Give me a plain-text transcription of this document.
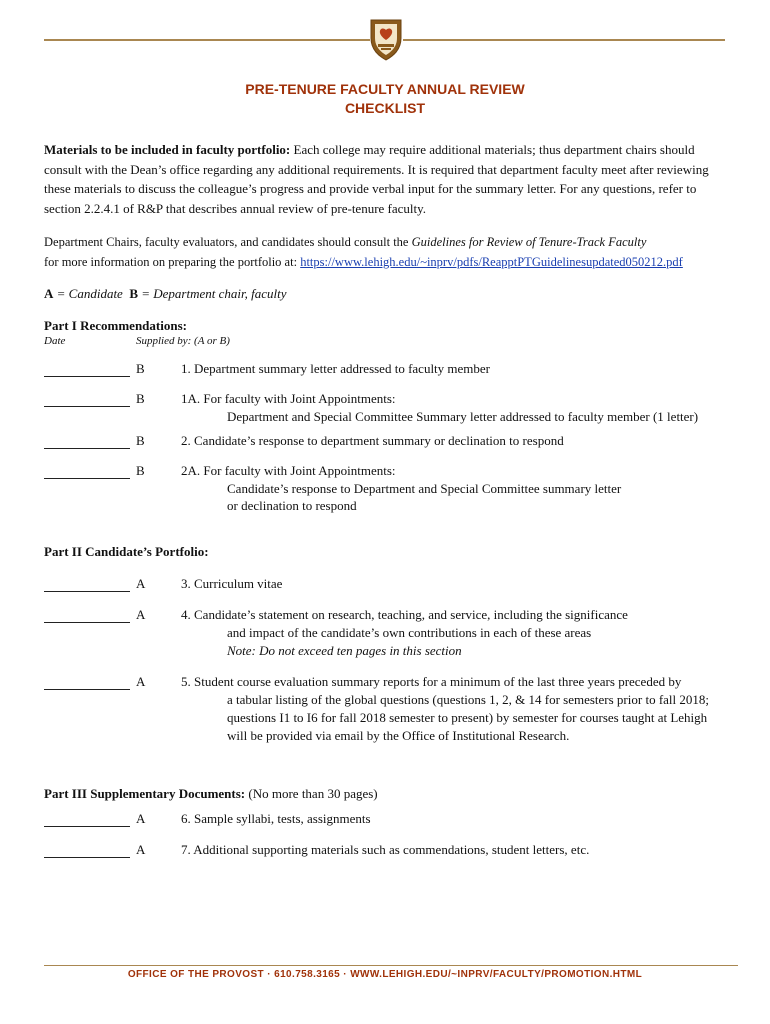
PRE-TENURE FACULTY ANNUAL REVIEW
CHECKLIST
Materials to be included in faculty portfolio: Each college may require additional materials; thus department chairs should consult with the Dean’s office regarding any additional requirements. It is required that department faculty meet after reviewing these materials to discuss the colleague’s progress and provide verbal input for the summary letter. For any questions, refer to section 2.2.4.1 of R&P that describes annual review of pre-tenure faculty.
Department Chairs, faculty evaluators, and candidates should consult the Guidelines for Review of Tenure-Track Faculty
for more information on preparing the portfolio at: https://www.lehigh.edu/~inprv/pdfs/ReapptPTGuidelinesupdated050212.pdf
A = Candidate B = Department chair, faculty
Part I Recommendations:
Date	Supplied by: (A or B)
B	1. Department summary letter addressed to faculty member
B	1A. For faculty with Joint Appointments:
Department and Special Committee Summary letter addressed to faculty member (1 letter)
B	2. Candidate’s response to department summary or declination to respond
B	2A. For faculty with Joint Appointments:
Candidate’s response to Department and Special Committee summary letter
or declination to respond
Part II Candidate’s Portfolio:
A	3. Curriculum vitae
A	4. Candidate’s statement on research, teaching, and service, including the significance
and impact of the candidate’s own contributions in each of these areas
Note: Do not exceed ten pages in this section
A	5. Student course evaluation summary reports for a minimum of the last three years preceded by
a tabular listing of the global questions (questions 1, 2, & 14 for semesters prior to fall 2018;
questions I1 to I6 for fall 2018 semester to present) by semester for courses taught at Lehigh
will be provided via email by the Office of Institutional Research.
Part III Supplementary Documents: (No more than 30 pages)
A	6. Sample syllabi, tests, assignments
A	7. Additional supporting materials such as commendations, student letters, etc.
OFFICE OF THE PROVOST · 610.758.3165 · WWW.LEHIGH.EDU/~INPRV/FACULTY/PROMOTION.HTML
